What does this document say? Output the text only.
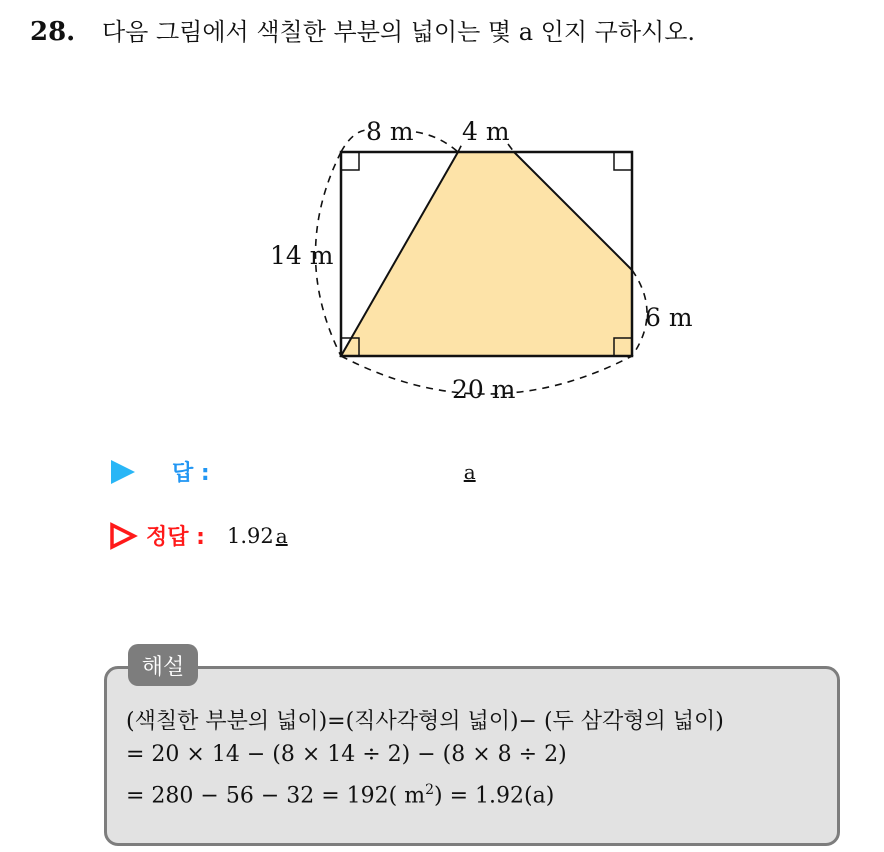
28.	다음 그림에서 색칠한 부분의 넓이는 몇 a 인지 구하시오.
8 m 4 m
14 m
6 m
20 m
답 :	a
정답 : 1.92 a
해설
(색칠한 부분의 넓이)=(직사각형의 넓이)− (두 삼각형의 넓이)
= 20 × 14 − (8 × 14 ÷ 2) − (8 × 8 ÷ 2)
= 280 − 56 − 32 = 192( $m^2) = 1.92(a)$
